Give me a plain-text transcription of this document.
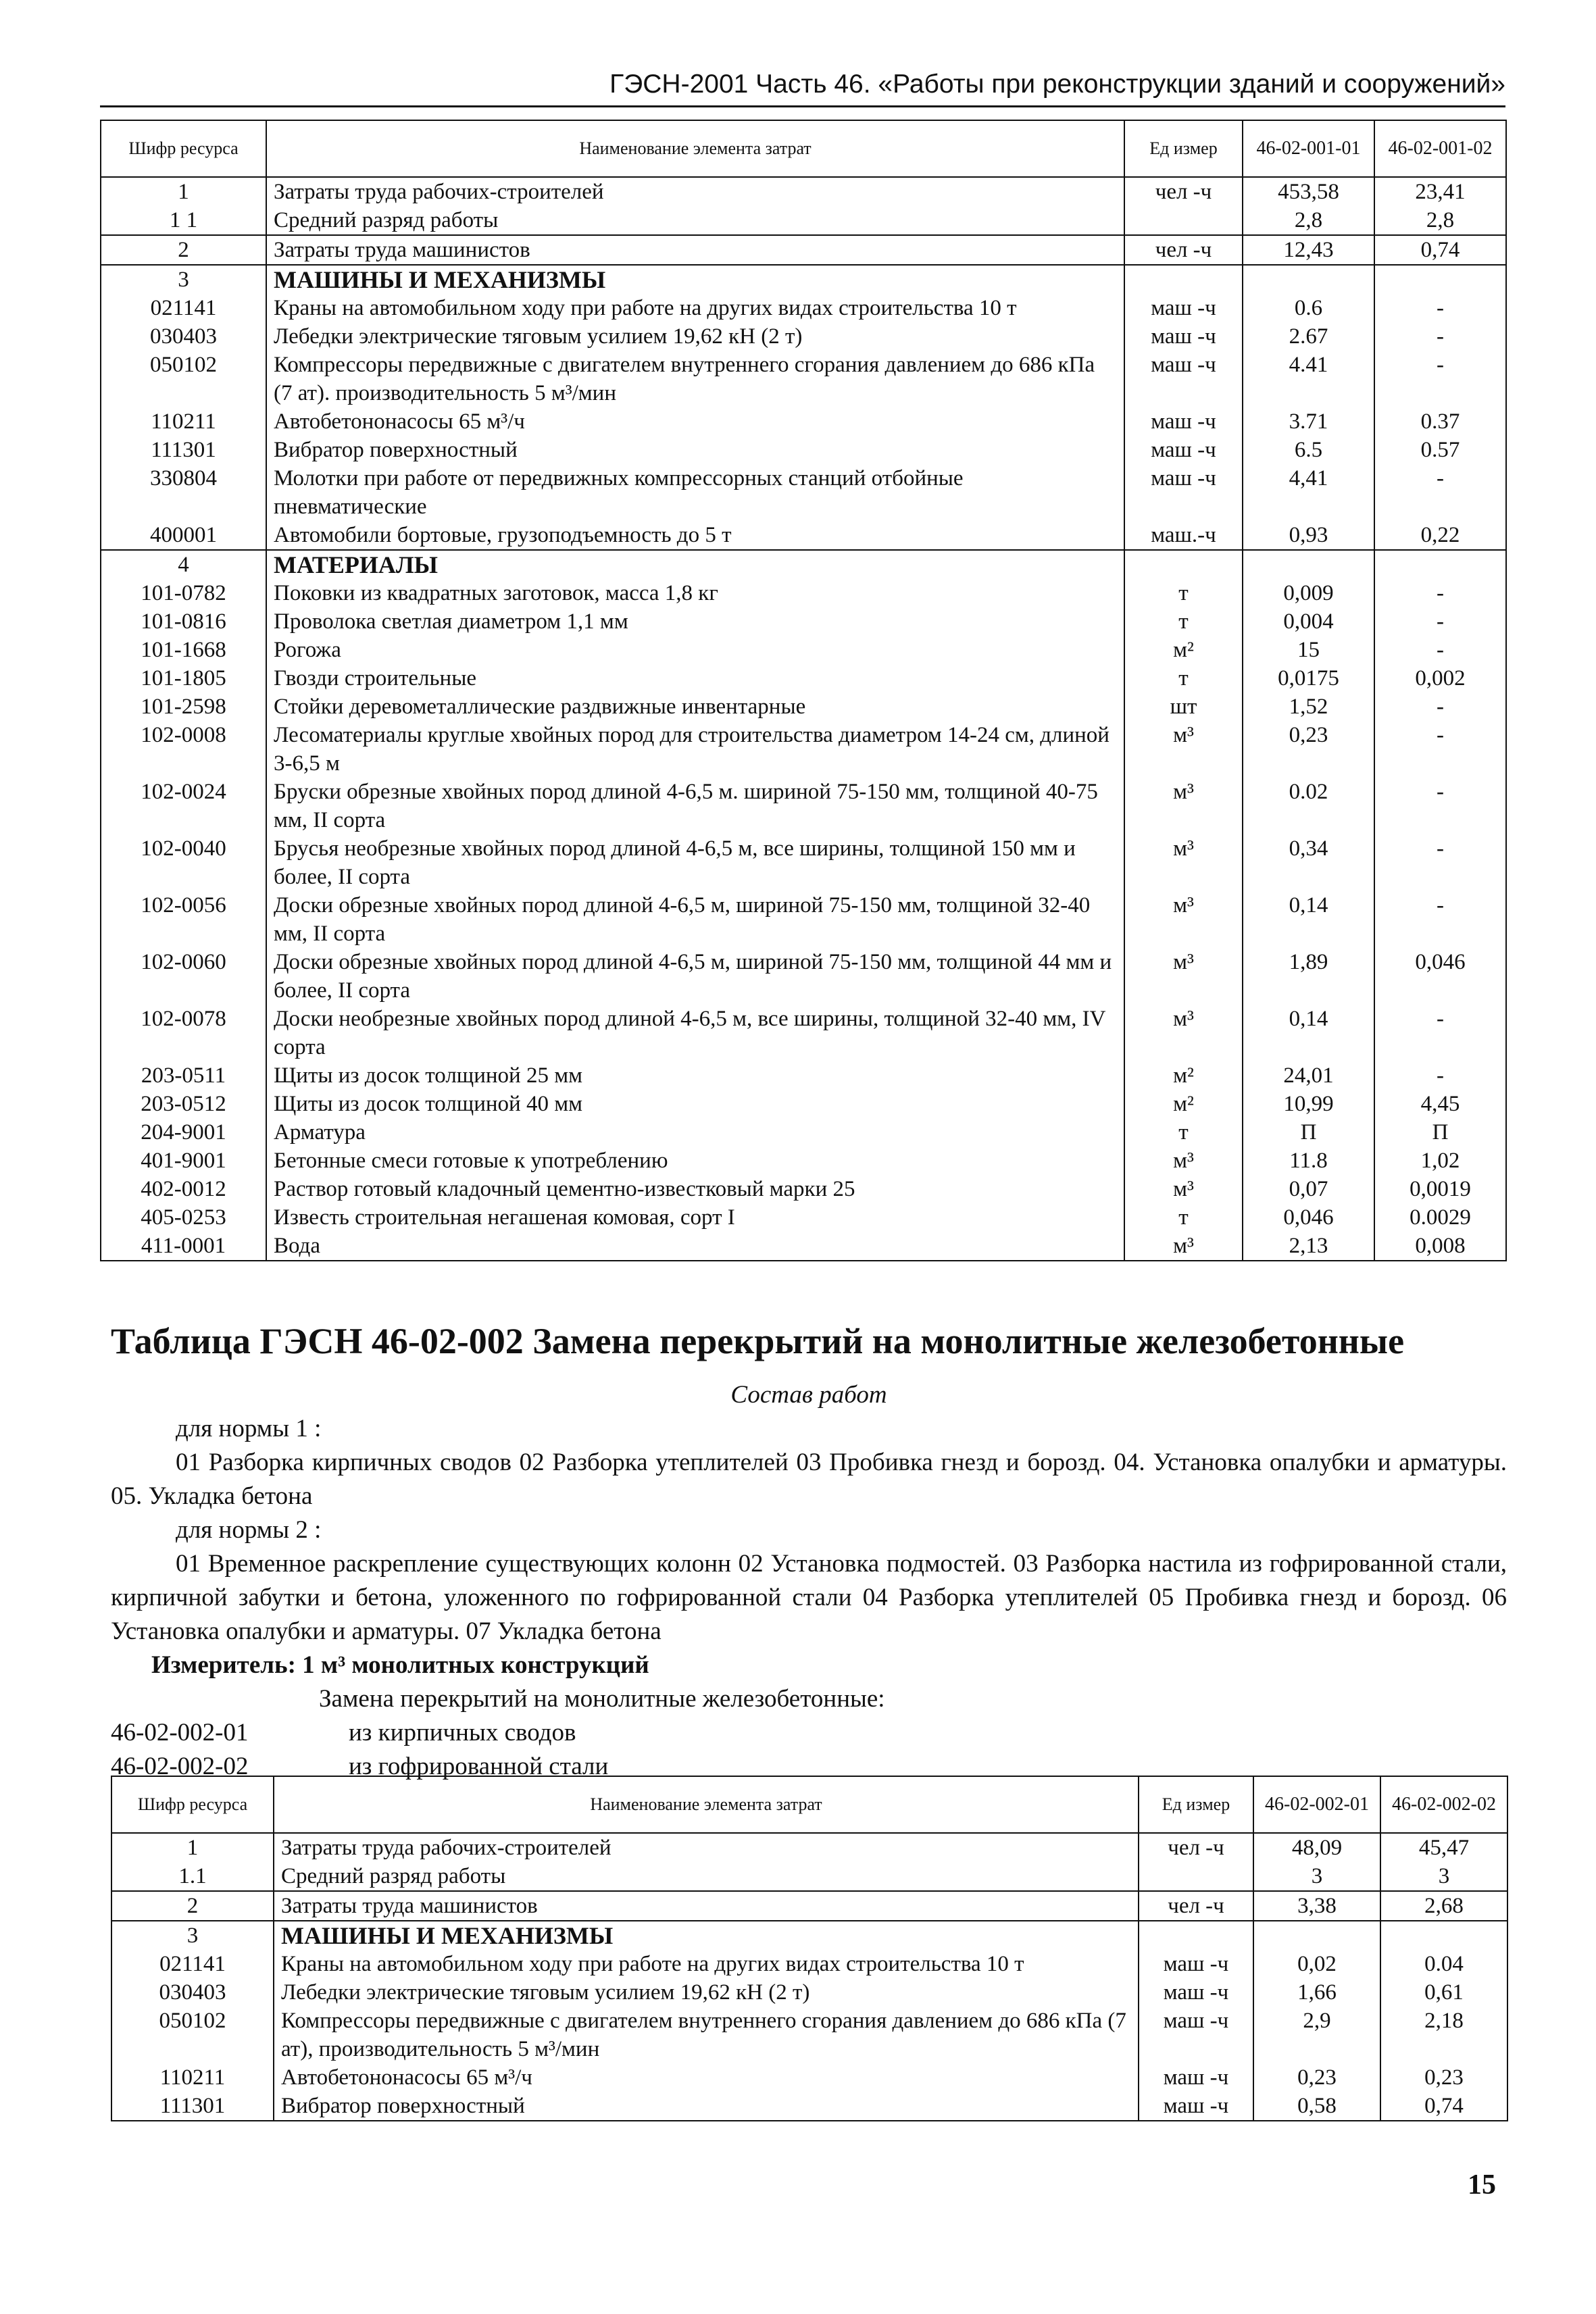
ГЭСН-2001 Часть 46. «Работы при реконструкции зданий и сооружений»
Шифр ресурса	Наименование элемента затрат	Ед измер	46-02-001-01	46-02-001-02
1	Затраты труда рабочих-строителей	чел -ч	453,58	23,41
1 1	Средний разряд работы		2,8	2,8
2	Затраты труда машинистов	чел -ч	12,43	0,74
3	МАШИНЫ И МЕХАНИЗМЫ			
021141	Краны на автомобильном ходу при работе на других видах строительства 10 т	маш -ч	0.6	-
030403	Лебедки электрические тяговым усилием 19,62 кН (2 т)	маш -ч	2.67	-
050102	Компрессоры передвижные с двигателем внутреннего сгорания давлением до 686 кПа (7 ат). производительность 5 м³/мин	маш -ч	4.41	-
110211	Автобетононасосы 65 м³/ч	маш -ч	3.71	0.37
111301	Вибратор поверхностный	маш -ч	6.5	0.57
330804	Молотки при работе от передвижных компрессорных станций отбойные пневматические	маш -ч	4,41	-
400001	Автомобили бортовые, грузоподъемность до 5 т	маш.-ч	0,93	0,22
4	МАТЕРИАЛЫ			
101-0782	Поковки из квадратных заготовок, масса 1,8 кг	т	0,009	-
101-0816	Проволока светлая диаметром 1,1 мм	т	0,004	-
101-1668	Рогожа	м²	15	-
101-1805	Гвозди строительные	т	0,0175	0,002
101-2598	Стойки деревометаллические раздвижные инвентарные	шт	1,52	-
102-0008	Лесоматериалы круглые хвойных пород для строительства диаметром 14-24 см, длиной 3-6,5 м	м³	0,23	-
102-0024	Бруски обрезные хвойных пород длиной 4-6,5 м. шириной 75-150 мм, толщиной 40-75 мм, II сорта	м³	0.02	-
102-0040	Брусья необрезные хвойных пород длиной 4-6,5 м, все ширины, толщиной 150 мм и более, II сорта	м³	0,34	-
102-0056	Доски обрезные хвойных пород длиной 4-6,5 м, шириной 75-150 мм, толщиной 32-40 мм, II сорта	м³	0,14	-
102-0060	Доски обрезные хвойных пород длиной 4-6,5 м, шириной 75-150 мм, толщиной 44 мм и более, II сорта	м³	1,89	0,046
102-0078	Доски необрезные хвойных пород длиной 4-6,5 м, все ширины, толщиной 32-40 мм, IV сорта	м³	0,14	-
203-0511	Щиты из досок толщиной 25 мм	м²	24,01	-
203-0512	Щиты из досок толщиной 40 мм	м²	10,99	4,45
204-9001	Арматура	т	П	П
401-9001	Бетонные смеси готовые к употреблению	м³	11.8	1,02
402-0012	Раствор готовый кладочный цементно-известковый марки 25	м³	0,07	0,0019
405-0253	Известь строительная негашеная комовая, сорт I	т	0,046	0.0029
411-0001	Вода	м³	2,13	0,008
Таблица ГЭСН 46-02-002 Замена перекрытий на монолитные железобетонные

Состав работ

для нормы 1 :

01 Разборка кирпичных сводов 02 Разборка утеплителей 03 Пробивка гнезд и борозд. 04. Установка опалубки и арматуры. 05. Укладка бетона

для нормы 2 :

01 Временное раскрепление существующих колонн 02 Установка подмостей. 03 Разборка настила из гофрированной стали, кирпичной забутки и бетона, уложенного по гофрированной стали 04 Разборка утеплителей 05 Пробивка гнезд и борозд. 06 Установка опалубки и арматуры. 07 Укладка бетона

Измеритель: 1 м³ монолитных конструкций

Замена перекрытий на монолитные железобетонные:

46-02-002-01	из кирпичных сводов
46-02-002-02	из гофрированной стали
Шифр ресурса	Наименование элемента затрат	Ед измер	46-02-002-01	46-02-002-02
1	Затраты труда рабочих-строителей	чел -ч	48,09	45,47
1.1	Средний разряд работы		3	3
2	Затраты труда машинистов	чел -ч	3,38	2,68
3	МАШИНЫ И МЕХАНИЗМЫ			
021141	Краны на автомобильном ходу при работе на других видах строительства 10 т	маш -ч	0,02	0.04
030403	Лебедки электрические тяговым усилием 19,62 кН (2 т)	маш -ч	1,66	0,61
050102	Компрессоры передвижные с двигателем внутреннего сгорания давлением до 686 кПа (7 ат), производительность 5 м³/мин	маш -ч	2,9	2,18
110211	Автобетононасосы 65 м³/ч	маш -ч	0,23	0,23
111301	Вибратор поверхностный	маш -ч	0,58	0,74
15
